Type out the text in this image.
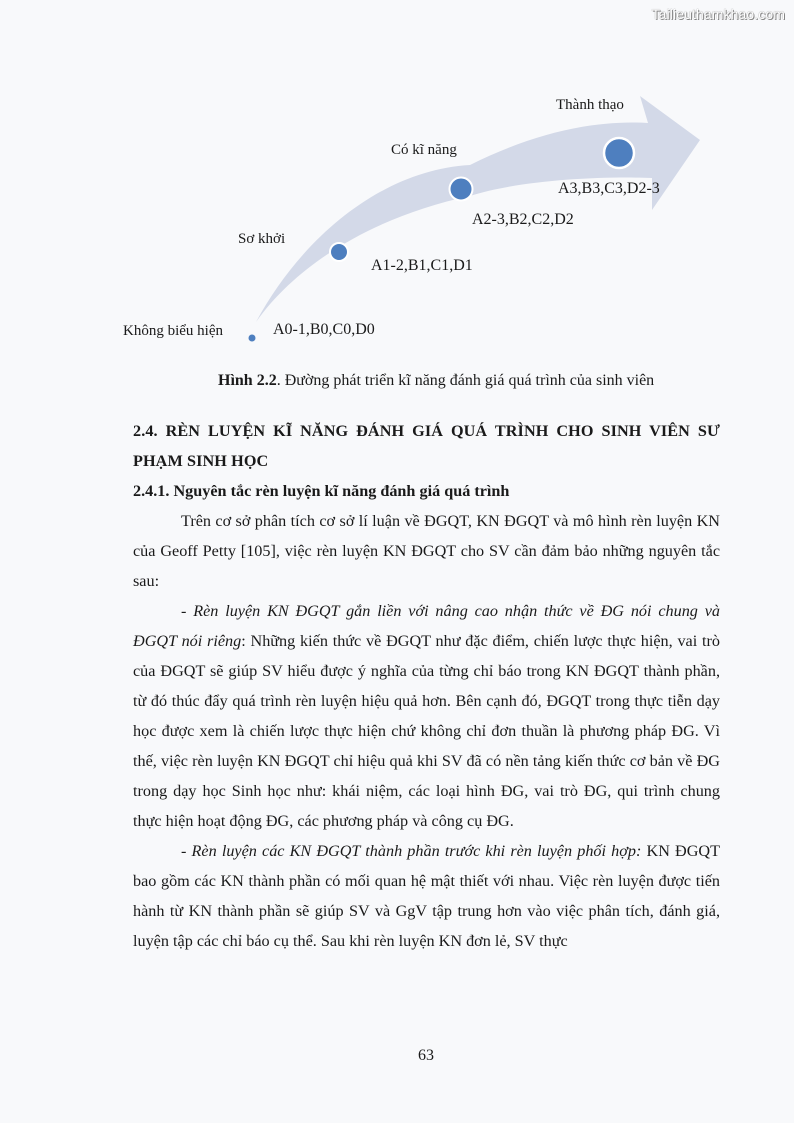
Tailieuthamkhao.com
Không biểu hiện	A0-1,B0,C0,D0
Sơ khởi
A1-2,B1,C1,D1
Có kĩ năng
A2-3,B2,C2,D2
Thành thạo
A3,B3,C3,D2-3
Hình 2.2. Đường phát triển kĩ năng đánh giá quá trình của sinh viên

2.4. RÈN LUYỆN KĨ NĂNG ĐÁNH GIÁ QUÁ TRÌNH CHO SINH VIÊN SƯ PHẠM SINH HỌC

2.4.1. Nguyên tắc rèn luyện kĩ năng đánh giá quá trình

Trên cơ sở phân tích cơ sở lí luận về ĐGQT, KN ĐGQT và mô hình rèn luyện KN của Geoff Petty [105], việc rèn luyện KN ĐGQT cho SV cần đảm bảo những nguyên tắc sau:

- Rèn luyện KN ĐGQT gắn liền với nâng cao nhận thức về ĐG nói chung và ĐGQT nói riêng: Những kiến thức về ĐGQT như đặc điểm, chiến lược thực hiện, vai trò của ĐGQT sẽ giúp SV hiểu được ý nghĩa của từng chỉ báo trong KN ĐGQT thành phần, từ đó thúc đẩy quá trình rèn luyện hiệu quả hơn. Bên cạnh đó, ĐGQT trong thực tiễn dạy học được xem là chiến lược thực hiện chứ không chỉ đơn thuần là phương pháp ĐG. Vì thế, việc rèn luyện KN ĐGQT chỉ hiệu quả khi SV đã có nền tảng kiến thức cơ bản về ĐG trong dạy học Sinh học như: khái niệm, các loại hình ĐG, vai trò ĐG, qui trình chung thực hiện hoạt động ĐG, các phương pháp và công cụ ĐG.

- Rèn luyện các KN ĐGQT thành phần trước khi rèn luyện phối hợp: KN ĐGQT bao gồm các KN thành phần có mối quan hệ mật thiết với nhau. Việc rèn luyện được tiến hành từ KN thành phần sẽ giúp SV và GgV tập trung hơn vào việc phân tích, đánh giá, luyện tập các chỉ báo cụ thể. Sau khi rèn luyện KN đơn lẻ, SV thực

63
